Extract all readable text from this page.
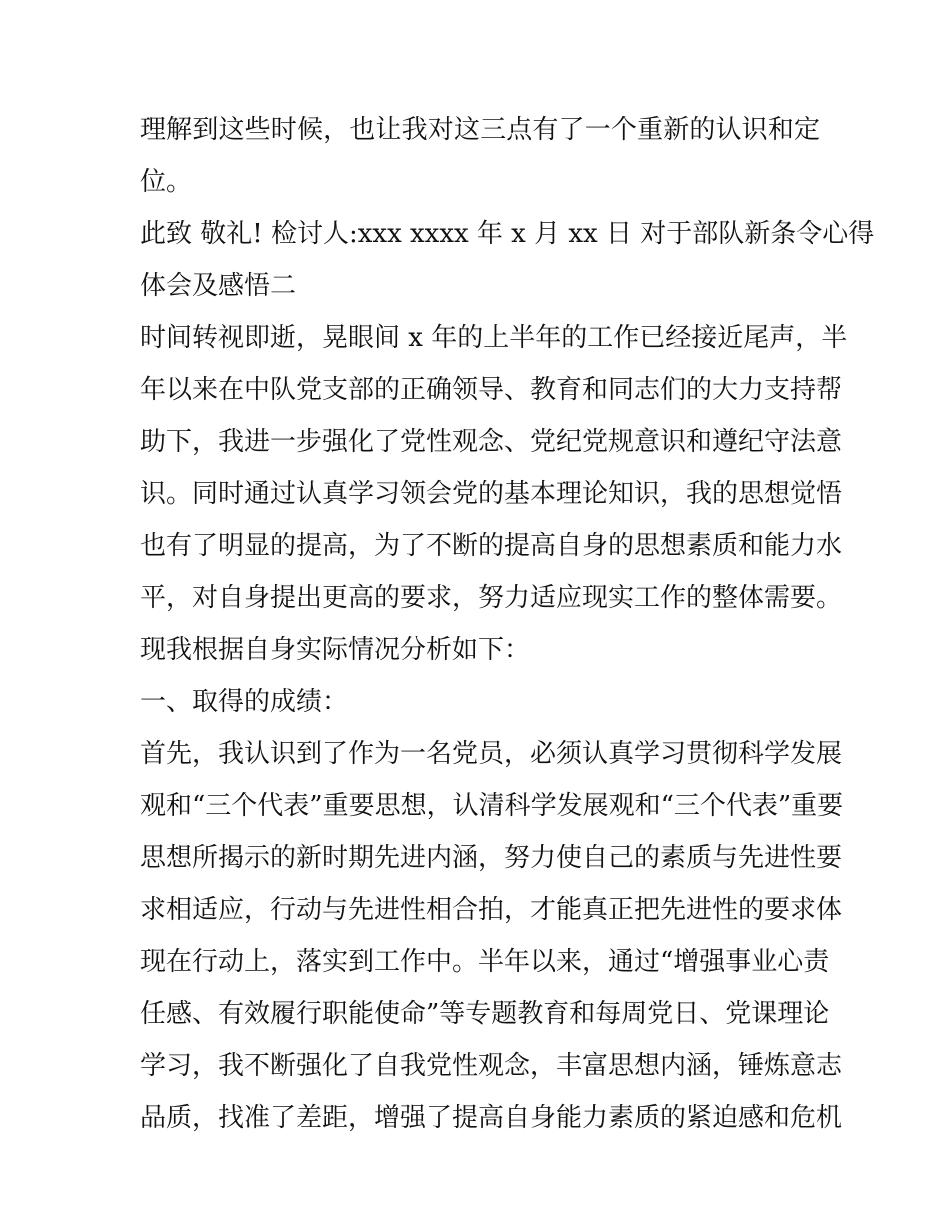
理解到这些时候，也让我对这三点有了一个重新的认识和定
位。
此致 敬礼! 检讨人:xxx xxxx 年 x 月 xx 日 对于部队新条令心得
体会及感悟二
时间转视即逝，晃眼间 x 年的上半年的工作已经接近尾声，半
年以来在中队党支部的正确领导、教育和同志们的大力支持帮
助下，我进一步强化了党性观念、党纪党规意识和遵纪守法意
识。同时通过认真学习领会党的基本理论知识，我的思想觉悟
也有了明显的提高，为了不断的提高自身的思想素质和能力水
平，对自身提出更高的要求，努力适应现实工作的整体需要。
现我根据自身实际情况分析如下：
一、取得的成绩：
首先，我认识到了作为一名党员，必须认真学习贯彻科学发展
观和“三个代表”重要思想，认清科学发展观和“三个代表”重要
思想所揭示的新时期先进内涵，努力使自己的素质与先进性要
求相适应，行动与先进性相合拍，才能真正把先进性的要求体
现在行动上，落实到工作中。半年以来，通过“增强事业心责
任感、有效履行职能使命”等专题教育和每周党日、党课理论
学习，我不断强化了自我党性观念，丰富思想内涵，锤炼意志
品质，找准了差距，增强了提高自身能力素质的紧迫感和危机
